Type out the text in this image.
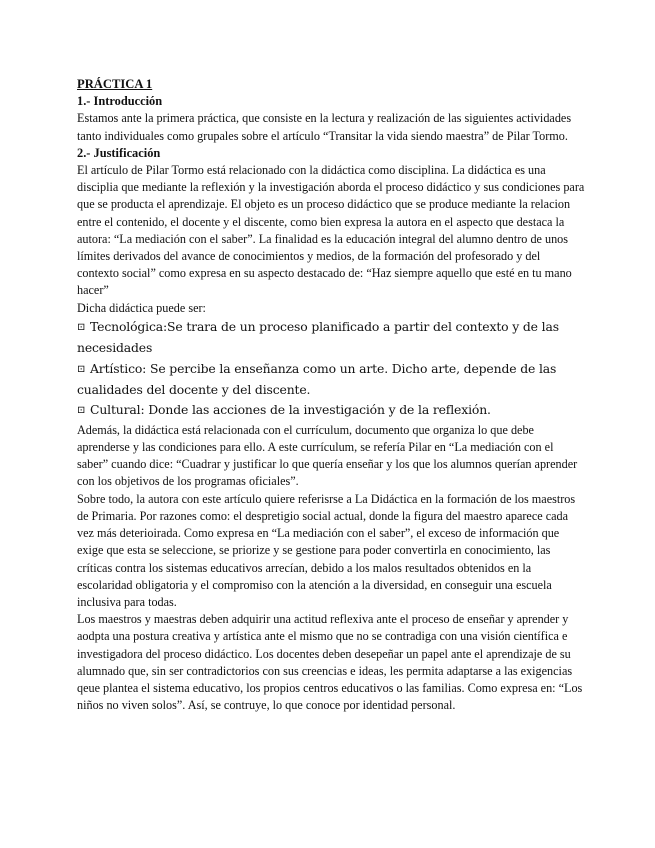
PRÁCTICA 1

1.- Introducción

Estamos ante la primera práctica, que consiste en la lectura y realización de las siguientes actividades tanto individuales como grupales sobre el artículo “Transitar la vida siendo maestra” de Pilar Tormo.

2.- Justificación

El artículo de Pilar Tormo está relacionado con la didáctica como disciplina. La didáctica es una disciplia que mediante la reflexión y la investigación aborda el proceso didáctico y sus condiciones para que se producta el aprendizaje. El objeto es un proceso didáctico que se produce mediante la relacion entre el contenido, el docente y el discente, como bien expresa la autora en el aspecto que destaca la autora: “La mediación con el saber”. La finalidad es la educación integral del alumno dentro de unos límites derivados del avance de conocimientos y medios, de la formación del profesorado y del contexto social” como expresa en su aspecto destacado de: “Haz siempre aquello que esté en tu mano hacer”

Dicha didáctica puede ser:

⊡ Tecnológica:Se trara de un proceso planificado a partir del contexto y de las necesidades

⊡ Artístico: Se percibe la enseñanza como un arte. Dicho arte, depende de las cualidades del docente y del discente.

⊡ Cultural: Donde las acciones de la investigación y de la reflexión.

Además, la didáctica está relacionada con el currículum, documento que organiza lo que debe aprenderse y las condiciones para ello. A este currículum, se refería Pilar en “La mediación con el saber” cuando dice: “Cuadrar y justificar lo que quería enseñar y los que los alumnos querían aprender con los objetivos de los programas oficiales”.

Sobre todo, la autora con este artículo quiere referisrse a La Didáctica en la formación de los maestros de Primaria. Por razones como: el despretigio social actual, donde la figura del maestro aparece cada vez más deterioirada. Como expresa en “La mediación con el saber”, el exceso de información que exige que esta se seleccione, se priorize y se gestione para poder convertirla en conocimiento, las críticas contra los sistemas educativos arrecían, debido a los malos resultados obtenidos en la escolaridad obligatoria y el compromiso con la atención a la diversidad, en conseguir una escuela inclusiva para todas.

Los maestros y maestras deben adquirir una actitud reflexiva ante el proceso de enseñar y aprender y aodpta una postura creativa y artística ante el mismo que no se contradiga con una visión científica e investigadora del proceso didáctico. Los docentes deben desepeñar un papel ante el aprendizaje de su alumnado que, sin ser contradictorios con sus creencias e ideas, les permita adaptarse a las exigencias qeue plantea el sistema educativo, los propios centros educativos o las familias. Como expresa en: “Los niños no viven solos”. Así, se contruye, lo que conoce por identidad personal.
